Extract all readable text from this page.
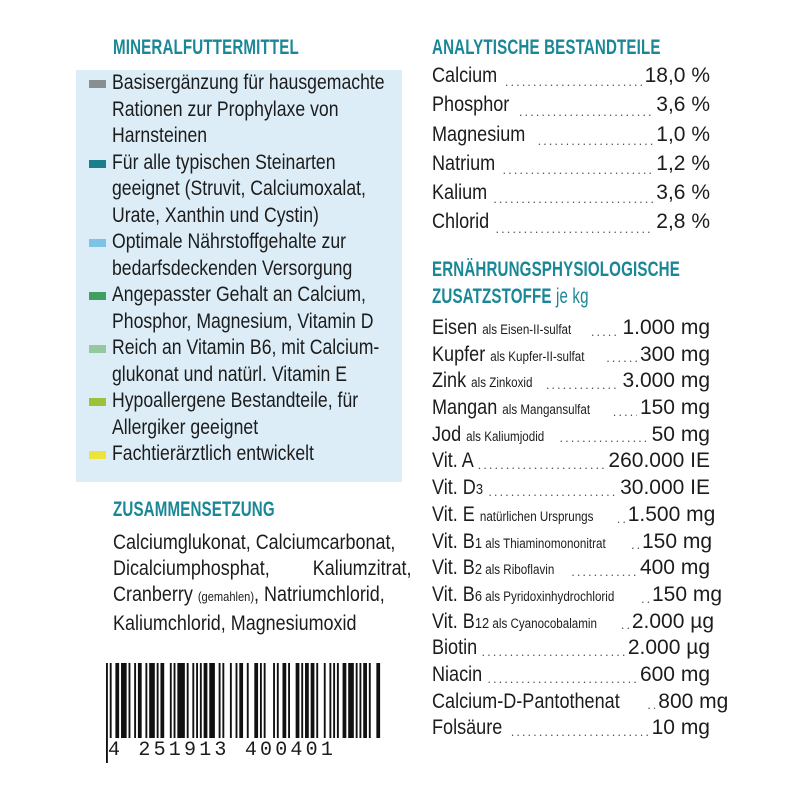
MINERALFUTTERMITTEL
Basisergänzung für hausgemachte
Rationen zur Prophylaxe von
Harnsteinen
Für alle typischen Steinarten
geeignet (Struvit, Calciumoxalat,
Urate, Xanthin und Cystin)
Optimale Nährstoffgehalte zur
bedarfsdeckenden Versorgung
Angepasster Gehalt an Calcium,
Phosphor, Magnesium, Vitamin D
Reich an Vitamin B6, mit Calcium-
glukonat und natürl. Vitamin E
Hypoallergene Bestandteile, für
Allergiker geeignet
Fachtierärztlich entwickelt
ZUSAMMENSETZUNG
Calciumglukonat, Calciumcarbonat,
Dicalciumphosphat, Kaliumzitrat,
Cranberry (gemahlen), Natriumchlorid,
Kaliumchlorid, Magnesiumoxid
4 251913 400401
ANALYTISCHE BESTANDTEILE
Calcium .....	18,0 %
Phosphor .....	3,6 %
Magnesium .....	1,0 %
Natrium .....	1,2 %
Kalium .....	3,6 %
Chlorid .....	2,8 %
ERNÄHRUNGSPHYSIOLOGISCHE
ZUSATZSTOFFE je kg
Eisen als Eisen-II-sulfat ..... 1.000 mg
Kupfer als Kupfer-II-sulfat .....	300 mg
Zink als Zinkoxid .....	3.000 mg
Mangan als Mangansulfat ..... 150 mg
Jod als Kaliumjodid .....	50 mg
Vit. A .....	260.000 IE
Vit. D3 .....	30.000 IE
Vit. E natürlichen Ursprungs ..... 1.500 mg
Vit. B1 als Thiaminomononitrat ..... 150 mg
Vit. B2 als Riboflavin .....	400 mg
Vit. B6 als Pyridoxinhydrochlorid ..... 150 mg
Vit. B12 als Cyanocobalamin ..... 2.000 µg
Biotin .....	2.000 µg
Niacin .....	600 mg
Calcium-D-Pantothenat ..... 800 mg
Folsäure .....	10 mg
